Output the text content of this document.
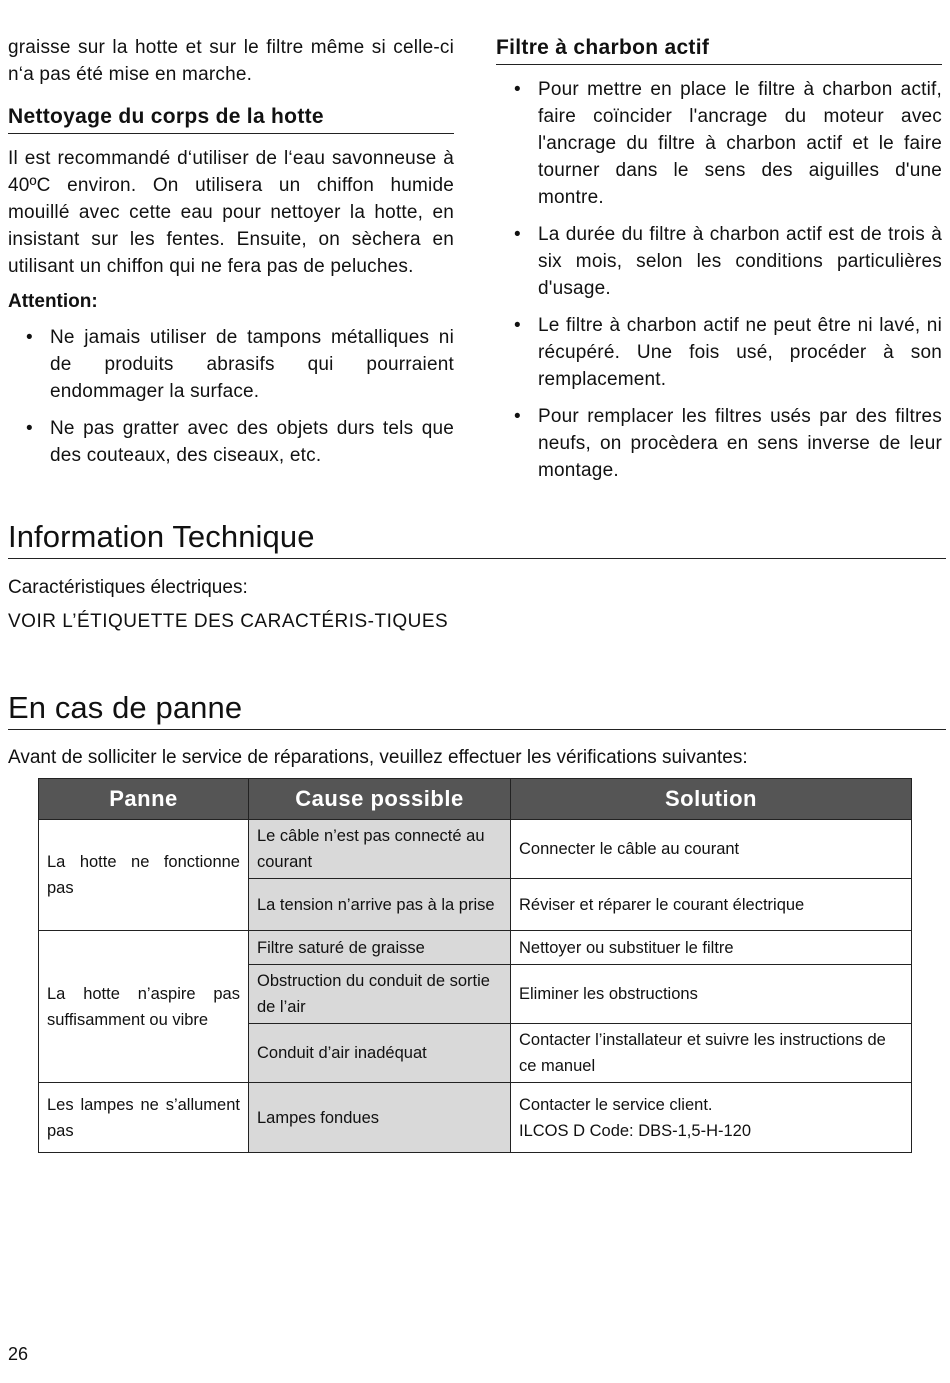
graisse sur la hotte et sur le filtre même si celle-ci n‘a pas été mise en marche.

Nettoyage du corps de la hotte

Il est recommandé d‘utiliser de l‘eau savonneuse à 40ºC environ. On utilisera un chiffon humide mouillé avec cette eau pour nettoyer la hotte, en insistant sur les fentes. Ensuite, on sèchera en utilisant un chiffon qui ne fera pas de peluches.

Attention:

• Ne jamais utiliser de tampons métalliques ni de produits abrasifs qui pourraient endommager la surface.
• Ne pas gratter avec des objets durs tels que des couteaux, des ciseaux, etc.
Filtre à charbon actif
• Pour mettre en place le filtre à charbon actif, faire coïncider l'ancrage du moteur avec l'ancrage du filtre à charbon actif et le faire tourner dans le sens des aiguilles d'une montre.
• La durée du filtre à charbon actif est de trois à six mois, selon les conditions particulières d'usage.
• Le filtre à charbon actif ne peut être ni lavé, ni récupéré. Une fois usé, procéder à son remplacement.
• Pour remplacer les filtres usés par des filtres neufs, on procèdera en sens inverse de leur montage.
Information Technique

Caractéristiques électriques:

VOIR L’ÉTIQUETTE DES CARACTÉRIS-TIQUES

En cas de panne

Avant de solliciter le service de réparations, veuillez effectuer les vérifications suivantes:

Panne	Cause possible	Solution
La hotte ne fonctionne pas	Le câble n’est pas connecté au courant	Connecter le câble au courant
	La tension n’arrive pas à la prise	Réviser et réparer le courant électrique
La hotte n’aspire pas suffisamment ou vibre	Filtre saturé de graisse	Nettoyer ou substituer le filtre
	Obstruction du conduit de sortie de l’air	Eliminer les obstructions
	Conduit d’air inadéquat	Contacter l’installateur et suivre les instructions de ce manuel
Les lampes ne s’allument pas	Lampes fondues	Contacter le service client.
ILCOS D Code: DBS-1,5-H-120
26
